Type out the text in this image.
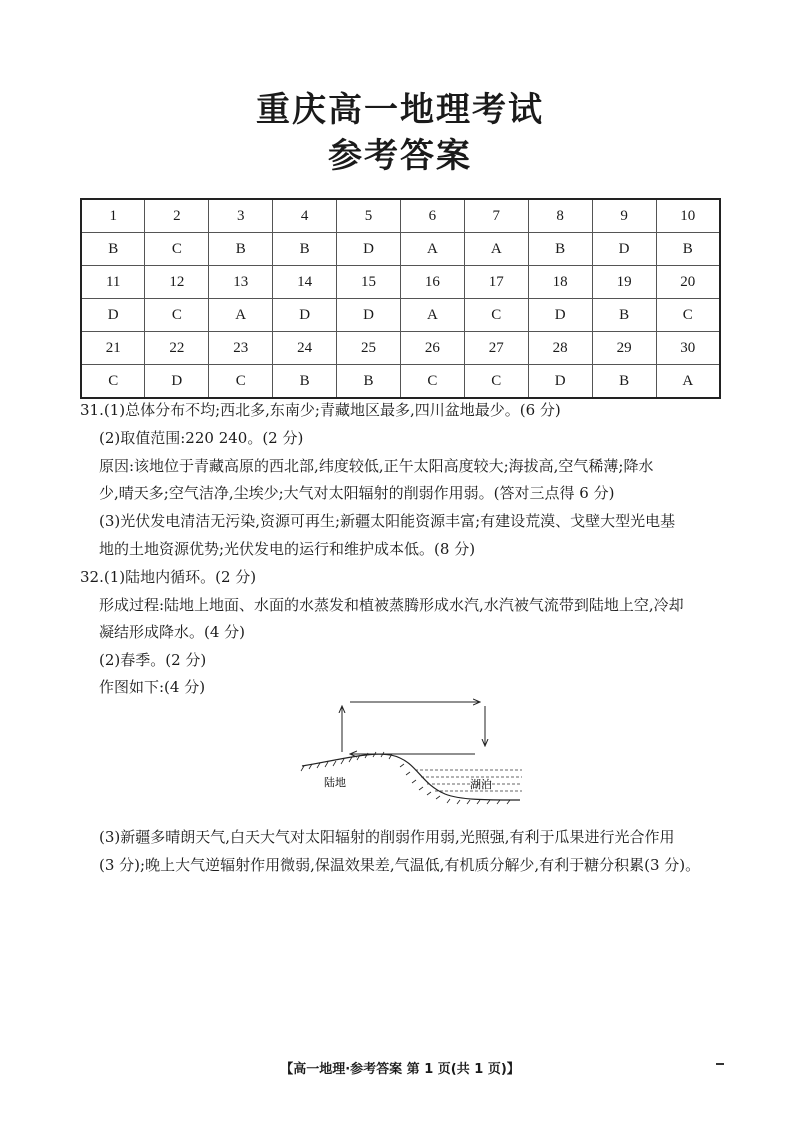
重庆高一地理考试
参考答案
1	2	3	4	5	6	7	8	9	10
B	C	B	B	D	A	A	B	D	B
11	12	13	14	15	16	17	18	19	20
D	C	A	D	D	A	C	D	B	C
21	22	23	24	25	26	27	28	29	30
C	D	C	B	B	C	C	D	B	A
31.(1)总体分布不均;西北多,东南少;青藏地区最多,四川盆地最少。(6 分)
(2)取值范围:220 240。(2 分)
原因:该地位于青藏高原的西北部,纬度较低,正午太阳高度较大;海拔高,空气稀薄;降水
少,晴天多;空气洁净,尘埃少;大气对太阳辐射的削弱作用弱。(答对三点得 6 分)
(3)光伏发电清洁无污染,资源可再生;新疆太阳能资源丰富;有建设荒漠、戈壁大型光电基
地的土地资源优势;光伏发电的运行和维护成本低。(8 分)
32.(1)陆地内循环。(2 分)
形成过程:陆地上地面、水面的水蒸发和植被蒸腾形成水汽,水汽被气流带到陆地上空,冷却
凝结形成降水。(4 分)
(2)春季。(2 分)
作图如下:(4 分)
陆地	湖泊
(3)新疆多晴朗天气,白天大气对太阳辐射的削弱作用弱,光照强,有利于瓜果进行光合作用
(3 分);晚上大气逆辐射作用微弱,保温效果差,气温低,有机质分解少,有利于糖分积累(3 分)。
【高一地理·参考答案 第 1 页(共 1 页)】
